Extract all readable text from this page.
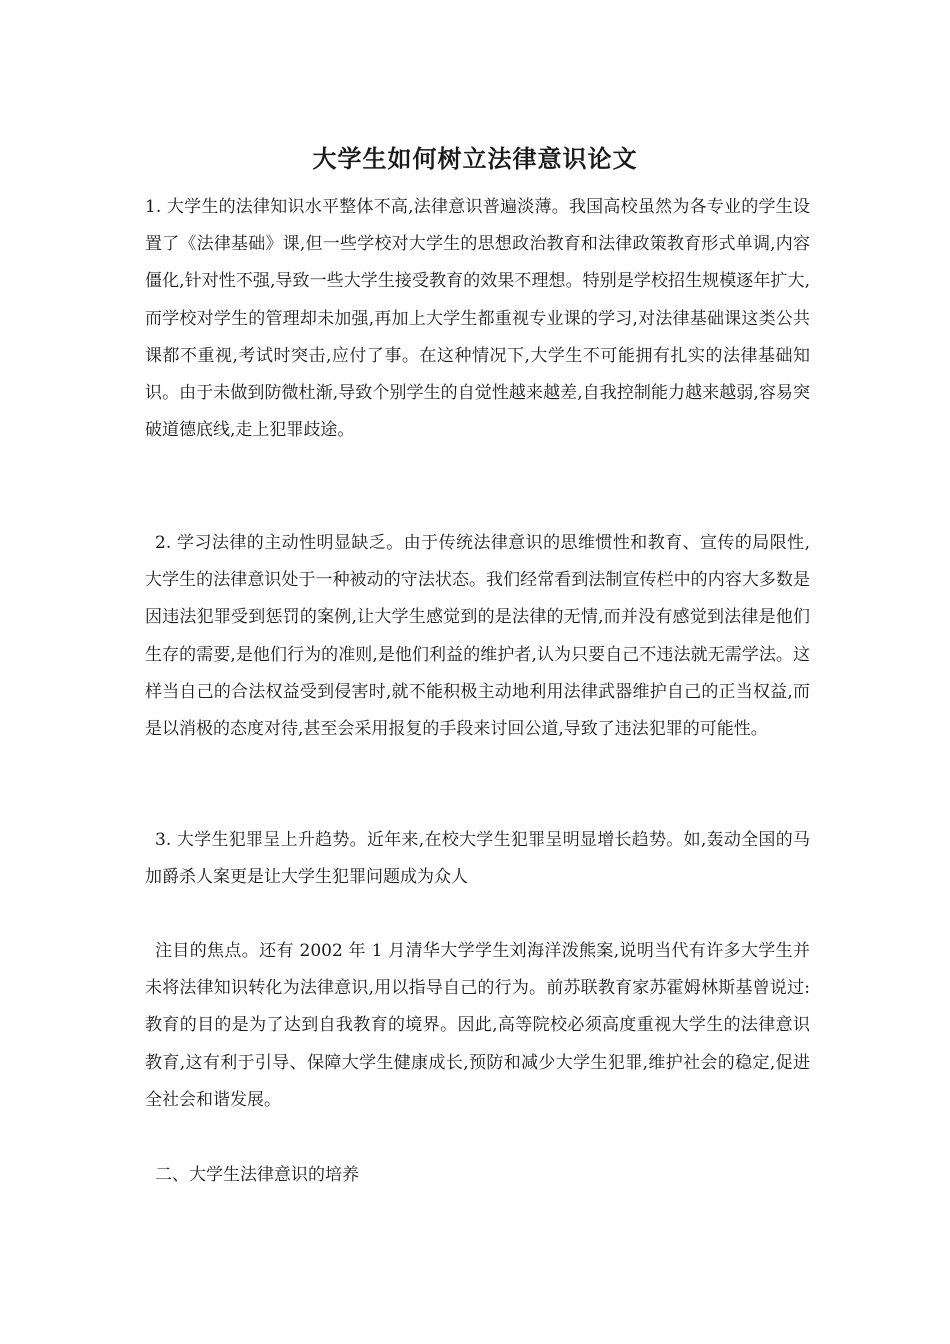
大学生如何树立法律意识论文

1. 大学生的法律知识水平整体不高,法律意识普遍淡薄。我国高校虽然为各专业的学生设置了《法律基础》课,但一些学校对大学生的思想政治教育和法律政策教育形式单调,内容僵化,针对性不强,导致一些大学生接受教育的效果不理想。特别是学校招生规模逐年扩大,而学校对学生的管理却未加强,再加上大学生都重视专业课的学习,对法律基础课这类公共课都不重视,考试时突击,应付了事。在这种情况下,大学生不可能拥有扎实的法律基础知识。由于未做到防微杜渐,导致个别学生的自觉性越来越差,自我控制能力越来越弱,容易突破道德底线,走上犯罪歧途。

2. 学习法律的主动性明显缺乏。由于传统法律意识的思维惯性和教育、宣传的局限性,大学生的法律意识处于一种被动的守法状态。我们经常看到法制宣传栏中的内容大多数是因违法犯罪受到惩罚的案例,让大学生感觉到的是法律的无情,而并没有感觉到法律是他们生存的需要,是他们行为的准则,是他们利益的维护者,认为只要自己不违法就无需学法。这样当自己的合法权益受到侵害时,就不能积极主动地利用法律武器维护自己的正当权益,而是以消极的态度对待,甚至会采用报复的手段来讨回公道,导致了违法犯罪的可能性。

3. 大学生犯罪呈上升趋势。近年来,在校大学生犯罪呈明显增长趋势。如,轰动全国的马加爵杀人案更是让大学生犯罪问题成为众人

注目的焦点。还有 2002 年 1 月清华大学学生刘海洋泼熊案,说明当代有许多大学生并未将法律知识转化为法律意识,用以指导自己的行为。前苏联教育家苏霍姆林斯基曾说过:教育的目的是为了达到自我教育的境界。因此,高等院校必须高度重视大学生的法律意识教育,这有利于引导、保障大学生健康成长,预防和减少大学生犯罪,维护社会的稳定,促进全社会和谐发展。

二、大学生法律意识的培养
